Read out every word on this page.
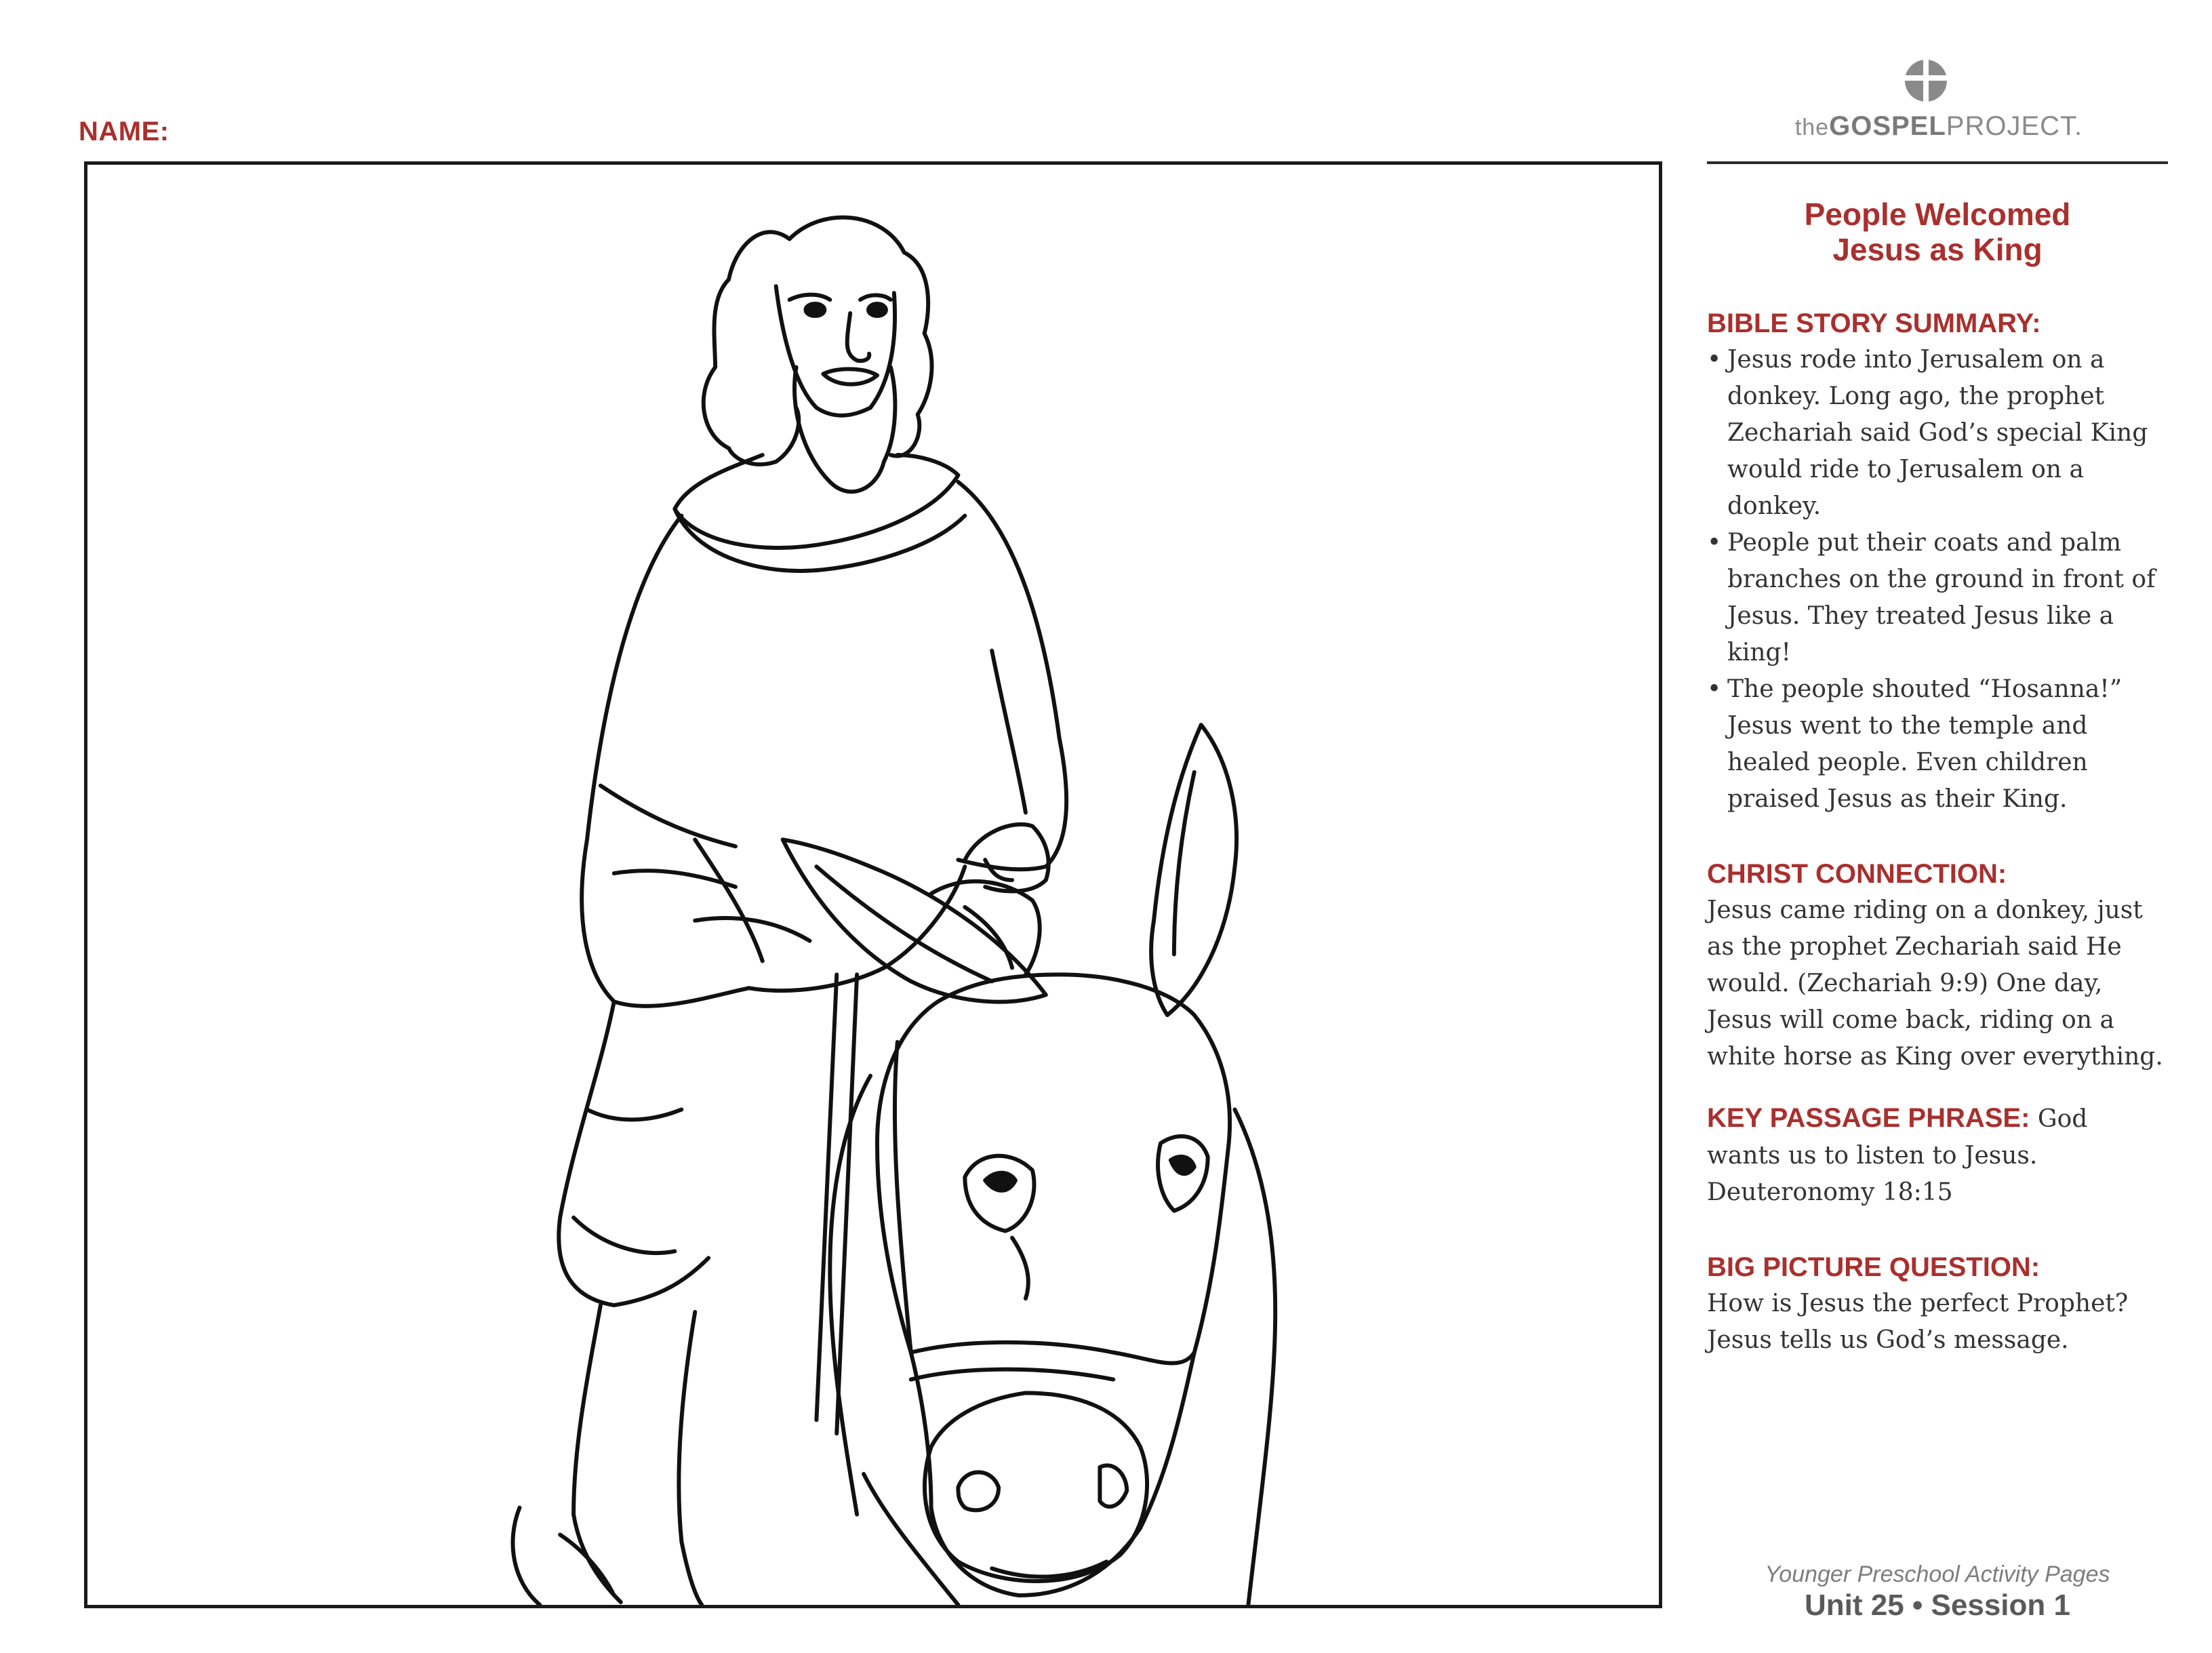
NAME:	theGOSPELPROJECT.
People Welcomed
Jesus as King
BIBLE STORY SUMMARY:
• Jesus rode into Jerusalem on a donkey. Long ago, the prophet Zechariah said God’s special King would ride to Jerusalem on a donkey.
• People put their coats and palm branches on the ground in front of Jesus. They treated Jesus like a king!
• The people shouted “Hosanna!” Jesus went to the temple and healed people. Even children praised Jesus as their King.
CHRIST CONNECTION:
Jesus came riding on a donkey, just as the prophet Zechariah said He would. (Zechariah 9:9) One day, Jesus will come back, riding on a white horse as King over everything.
KEY PASSAGE PHRASE: God wants us to listen to Jesus. Deuteronomy 18:15
BIG PICTURE QUESTION:
How is Jesus the perfect Prophet? Jesus tells us God’s message.
Younger Preschool Activity Pages
Unit 25 • Session 1
